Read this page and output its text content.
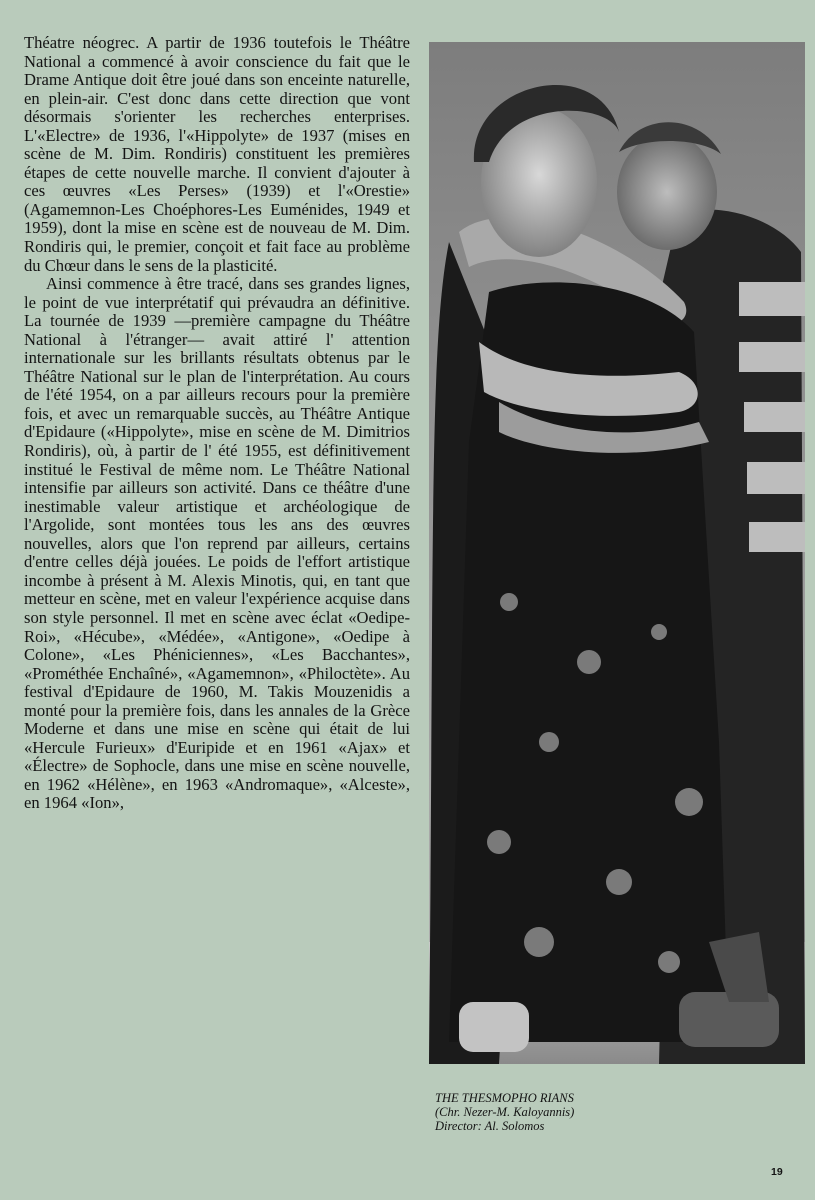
Théatre néogrec. A partir de 1936 toutefois le Théâtre National a commencé à avoir conscience du fait que le Drame Antique doit être joué dans son enceinte naturelle, en plein-air. C'est donc dans cette direction que vont désormais s'orienter les recherches enterprises. L'«Electre» de 1936, l'«Hippolyte» de 1937 (mises en scène de M. Dim. Rondiris) constituent les premières étapes de cette nouvelle marche. Il convient d'ajouter à ces œuvres «Les Perses» (1939) et l'«Orestie» (Agamemnon-Les Choéphores-Les Euménides, 1949 et 1959), dont la mise en scène est de nouveau de M. Dim. Rondiris qui, le premier, conçoit et fait face au problème du Chœur dans le sens de la plasticité.

Ainsi commence à être tracé, dans ses grandes lignes, le point de vue interprétatif qui prévaudra an définitive. La tournée de 1939 —première campagne du Théâtre National à l'étranger— avait attiré l' attention internationale sur les brillants résultats obtenus par le Théâtre National sur le plan de l'interprétation. Au cours de l'été 1954, on a par ailleurs recours pour la première fois, et avec un remarquable succès, au Théâtre Antique d'Epidaure («Hippolyte», mise en scène de M. Dimitrios Rondiris), où, à partir de l' été 1955, est définitivement institué le Festival de même nom. Le Théâtre National intensifie par ailleurs son activité. Dans ce théâtre d'une inestimable valeur artistique et archéologique de l'Argolide, sont montées tous les ans des œuvres nouvelles, alors que l'on reprend par ailleurs, certains d'entre celles déjà jouées. Le poids de l'effort artistique incombe à présent à M. Alexis Minotis, qui, en tant que metteur en scène, met en valeur l'expérience acquise dans son style personnel. Il met en scène avec éclat «Oedipe-Roi», «Hécube», «Médée», «Antigone», «Oedipe à Colone», «Les Phéniciennes», «Les Bacchantes», «Prométhée Enchaîné», «Agamemnon», «Philoctète». Au festival d'Epidaure de 1960, M. Takis Mouzenidis a monté pour la première fois, dans les annales de la Grèce Moderne et dans une mise en scène qui était de lui «Hercule Furieux» d'Euripide et en 1961 «Ajax» et «Électre» de Sophocle, dans une mise en scène nouvelle, en 1962 «Hélène», en 1963 «Andromaque», «Alceste», en 1964 «Ion»,

THE THESMOPHO RIANS
(Chr. Nezer-M. Kaloyannis)
Director: Al. Solomos
19
